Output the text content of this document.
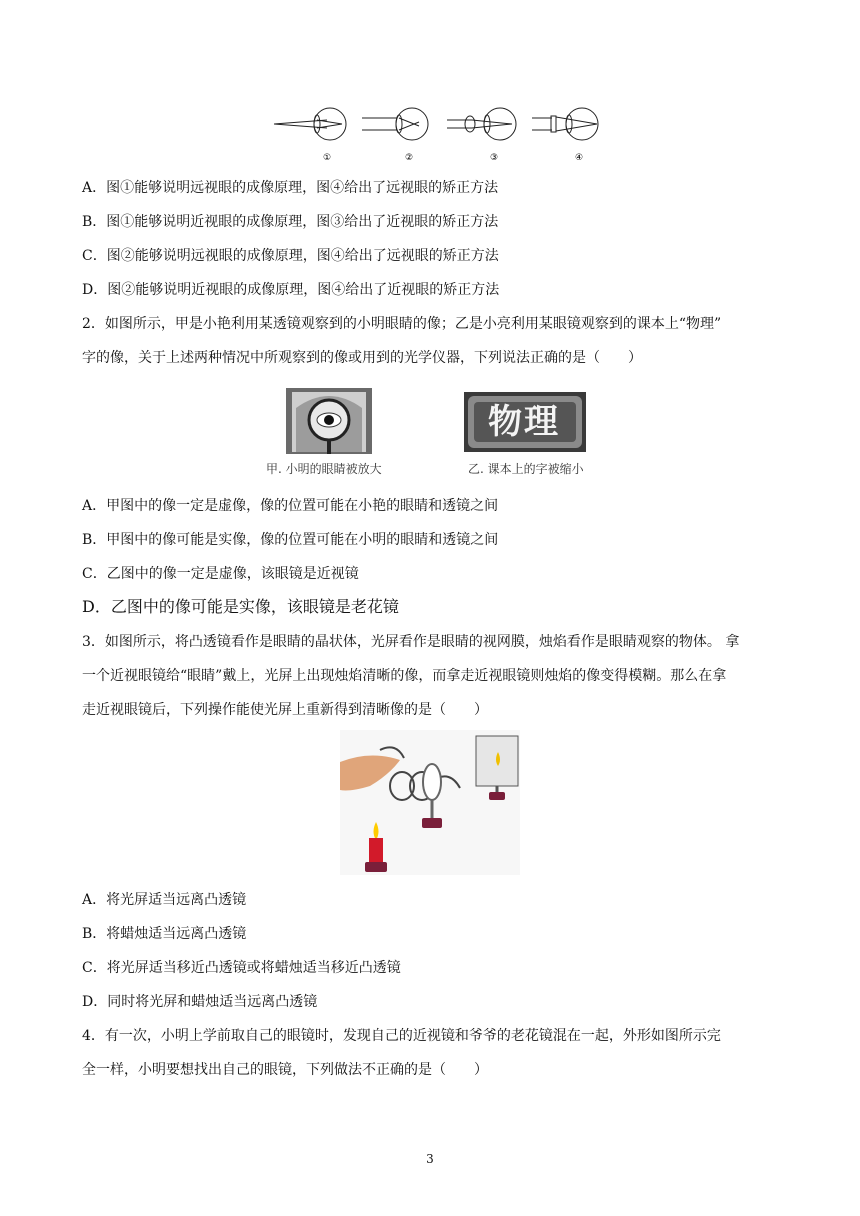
①	②	③	④
A．图①能够说明远视眼的成像原理，图④给出了远视眼的矫正方法
B．图①能够说明近视眼的成像原理，图③给出了近视眼的矫正方法
C．图②能够说明远视眼的成像原理，图④给出了远视眼的矫正方法
D．图②能够说明近视眼的成像原理，图④给出了近视眼的矫正方法
2．如图所示，甲是小艳利用某透镜观察到的小明眼睛的像；乙是小亮利用某眼镜观察到的课本上“物理”
字的像，关于上述两种情况中所观察到的像或用到的光学仪器，下列说法正确的是（　　）
甲. 小明的眼睛被放大
物理
乙. 课本上的字被缩小
A．甲图中的像一定是虚像，像的位置可能在小艳的眼睛和透镜之间
B．甲图中的像可能是实像，像的位置可能在小明的眼睛和透镜之间
C．乙图中的像一定是虚像，该眼镜是近视镜
D．乙图中的像可能是实像，该眼镜是老花镜
3．如图所示，将凸透镜看作是眼睛的晶状体，光屏看作是眼睛的视网膜，烛焰看作是眼睛观察的物体。 拿
一个近视眼镜给“眼睛”戴上，光屏上出现烛焰清晰的像，而拿走近视眼镜则烛焰的像变得模糊。那么在拿
走近视眼镜后，下列操作能使光屏上重新得到清晰像的是（　　）
A．将光屏适当远离凸透镜
B．将蜡烛适当远离凸透镜
C．将光屏适当移近凸透镜或将蜡烛适当移近凸透镜
D．同时将光屏和蜡烛适当远离凸透镜
4．有一次，小明上学前取自己的眼镜时，发现自己的近视镜和爷爷的老花镜混在一起，外形如图所示完
全一样，小明要想找出自己的眼镜，下列做法不正确的是（　　）
3
